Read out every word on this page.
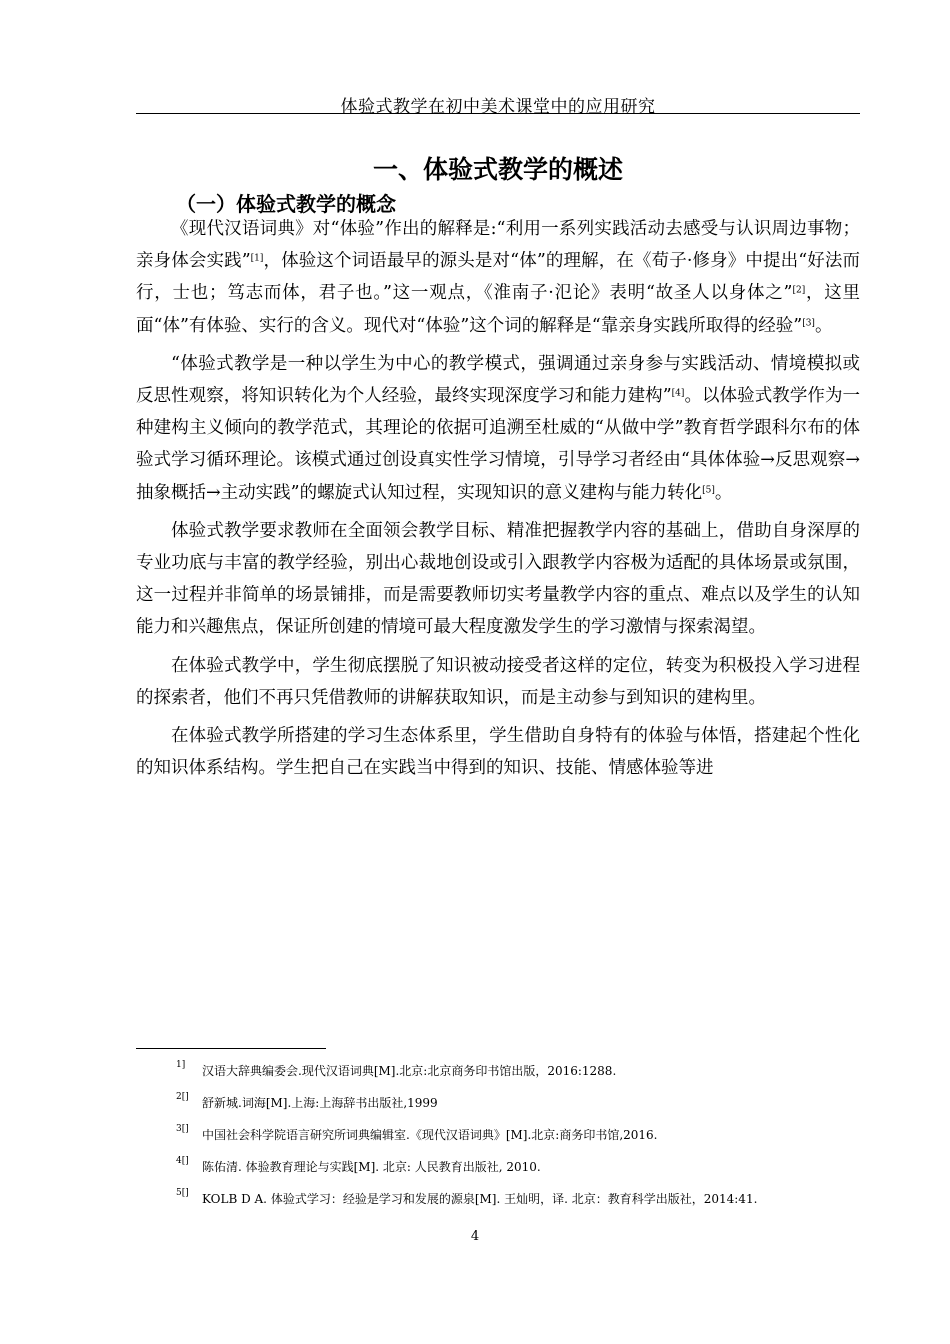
体验式教学在初中美术课堂中的应用研究
一、体验式教学的概述
（一）体验式教学的概念

《现代汉语词典》对“体验”作出的解释是:“利用一系列实践活动去感受与认识周边事物；亲身体会实践”[1]，体验这个词语最早的源头是对“体”的理解，在《荀子·修身》中提出“好法而行，士也；笃志而体，君子也。”这一观点，《淮南子·氾论》表明“故圣人以身体之”[2]，这里面“体”有体验、实行的含义。现代对“体验”这个词的解释是“靠亲身实践所取得的经验”[3]。

“体验式教学是一种以学生为中心的教学模式，强调通过亲身参与实践活动、情境模拟或反思性观察，将知识转化为个人经验，最终实现深度学习和能力建构”[4]。以体验式教学作为一种建构主义倾向的教学范式，其理论的依据可追溯至杜威的“从做中学”教育哲学跟科尔布的体验式学习循环理论。该模式通过创设真实性学习情境，引导学习者经由“具体体验→反思观察→抽象概括→主动实践”的螺旋式认知过程，实现知识的意义建构与能力转化[5]。

体验式教学要求教师在全面领会教学目标、精准把握教学内容的基础上，借助自身深厚的专业功底与丰富的教学经验，别出心裁地创设或引入跟教学内容极为适配的具体场景或氛围，这一过程并非简单的场景铺排，而是需要教师切实考量教学内容的重点、难点以及学生的认知能力和兴趣焦点，保证所创建的情境可最大程度激发学生的学习激情与探索渴望。

在体验式教学中，学生彻底摆脱了知识被动接受者这样的定位，转变为积极投入学习进程的探索者，他们不再只凭借教师的讲解获取知识，而是主动参与到知识的建构里。

在体验式教学所搭建的学习生态体系里，学生借助自身特有的体验与体悟，搭建起个性化的知识体系结构。学生把自己在实践当中得到的知识、技能、情感体验等进

1]	汉语大辞典编委会.现代汉语词典[M].北京:北京商务印书馆出版，2016:1288.
2[]	舒新城.词海[M].上海:上海辞书出版社,1999
3[]	中国社会科学院语言研究所词典编辑室.《现代汉语词典》[M].北京:商务印书馆,2016.
4[]	陈佑清. 体验教育理论与实践[M]. 北京: 人民教育出版社, 2010.
5[]	KOLB D A. 体验式学习：经验是学习和发展的源泉[M]. 王灿明，译. 北京：教育科学出版社，2014:41.
4
